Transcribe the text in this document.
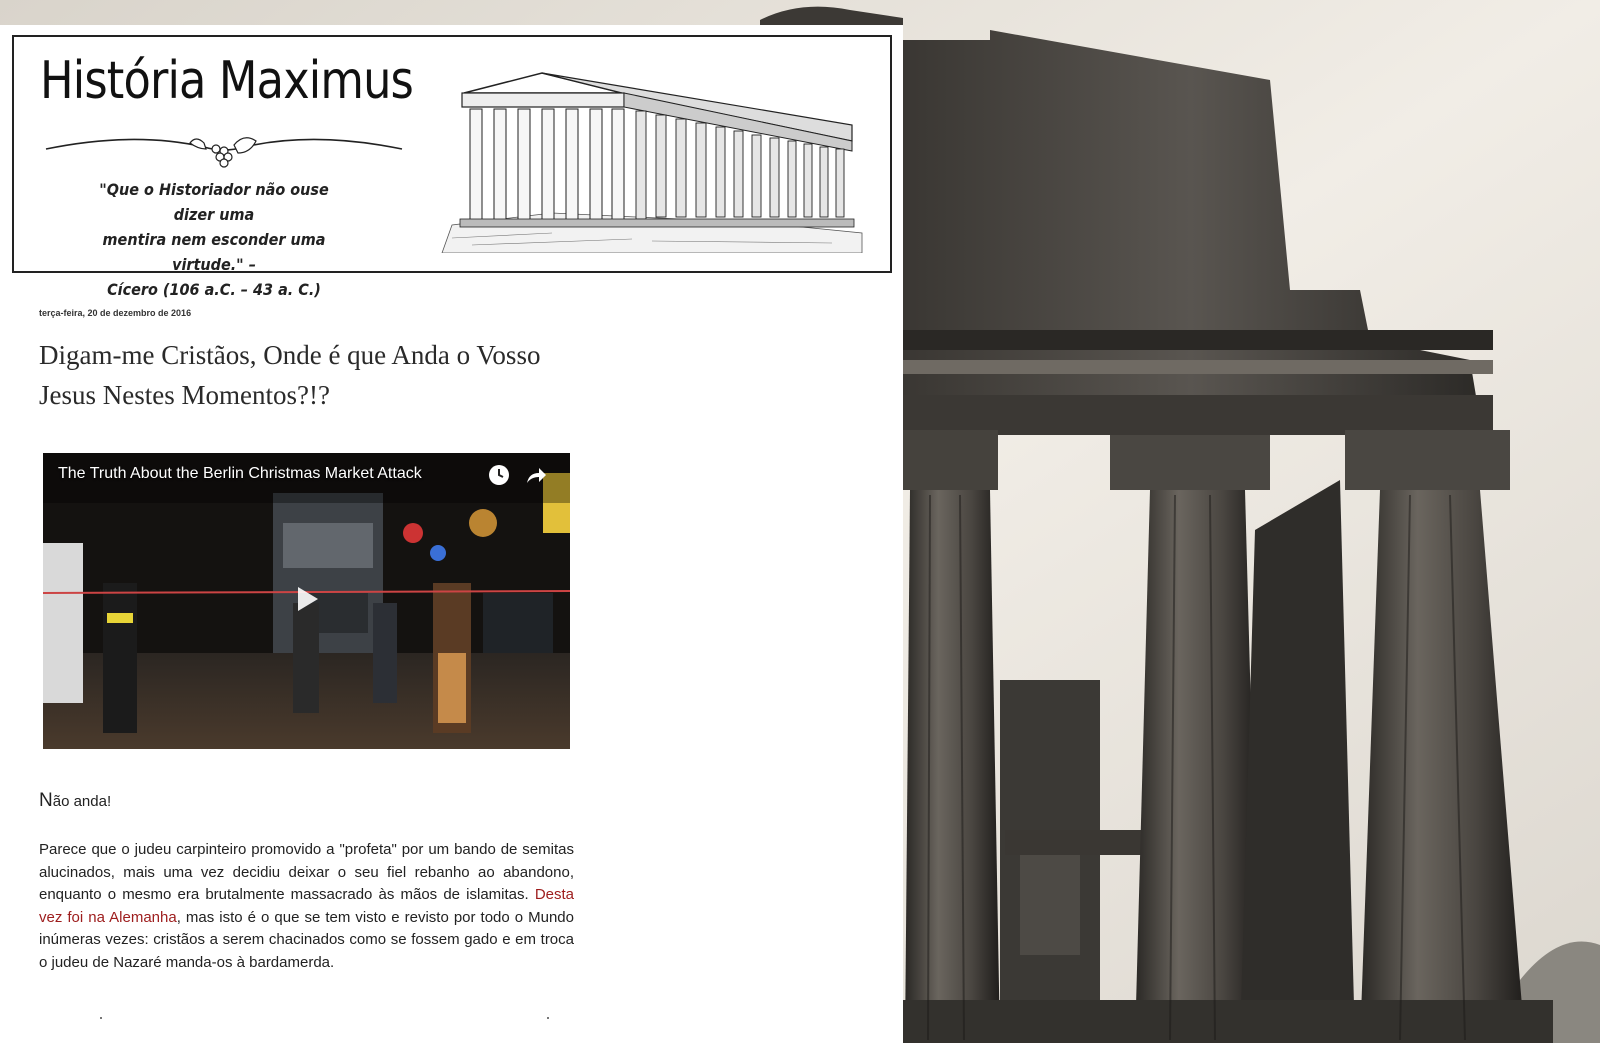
História Maximus
"Que o Historiador não ouse dizer uma
mentira nem esconder uma virtude." –
Cícero (106 a.C. – 43 a. C.)
terça-feira, 20 de dezembro de 2016
Digam-me Cristãos, Onde é que Anda o Vosso Jesus Nestes Momentos?!?
The Truth About the Berlin Christmas Market Attack
Não anda!
Parece que o judeu carpinteiro promovido a "profeta" por um bando de semitas alucinados, mais uma vez decidiu deixar o seu fiel rebanho ao abandono, enquanto o mesmo era brutalmente massacrado às mãos de islamitas. Desta vez foi na Alemanha, mas isto é o que se tem visto e revisto por todo o Mundo inúmeras vezes: cristãos a serem chacinados como se fossem gado e em troca o judeu de Nazaré manda-os à bardamerda.
